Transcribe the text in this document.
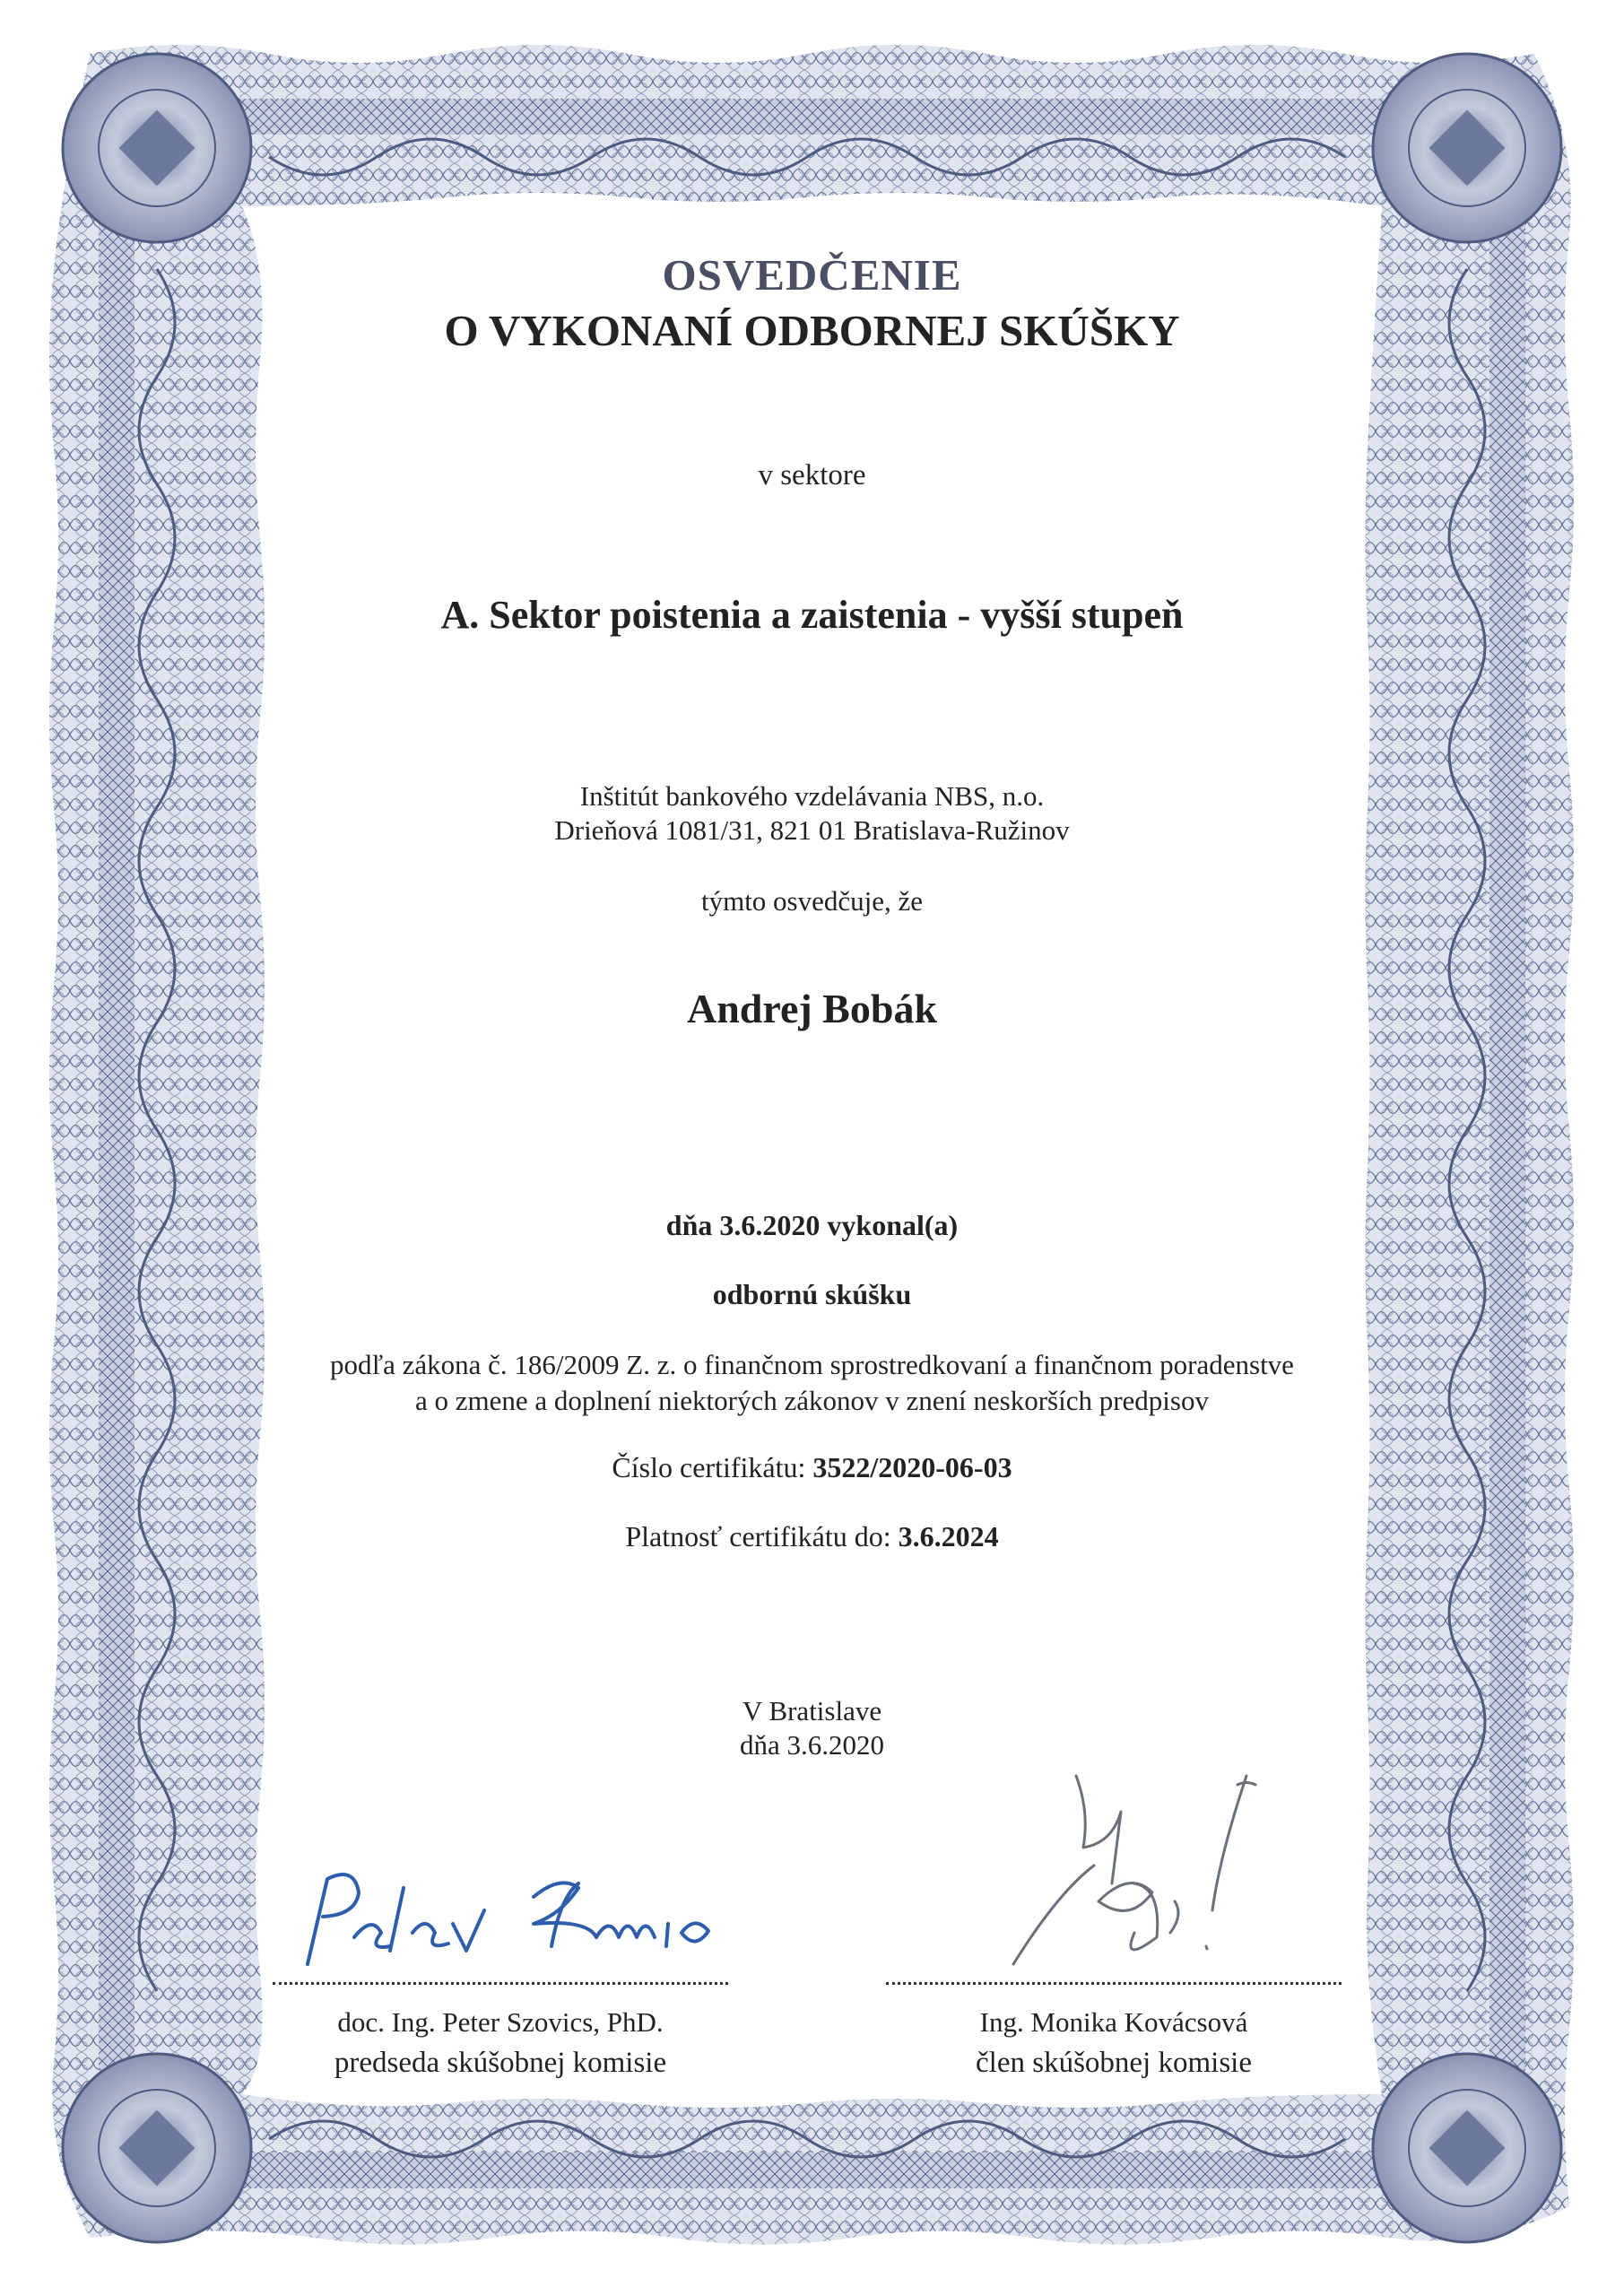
OSVEDČENIE
O VYKONANÍ ODBORNEJ SKÚŠKY
v sektore
A. Sektor poistenia a zaistenia - vyšší stupeň
Inštitút bankového vzdelávania NBS, n.o.
Drieňová 1081/31, 821 01 Bratislava-Ružinov
týmto osvedčuje, že
Andrej Bobák
dňa 3.6.2020 vykonal(a)
odbornú skúšku
podľa zákona č. 186/2009 Z. z. o finančnom sprostredkovaní a finančnom poradenstve
a o zmene a doplnení niektorých zákonov v znení neskorších predpisov
Číslo certifikátu: 3522/2020-06-03
Platnosť certifikátu do: 3.6.2024
V Bratislave
dňa 3.6.2020
doc. Ing. Peter Szovics, PhD.
predseda skúšobnej komisie
Ing. Monika Kovácsová
člen skúšobnej komisie
